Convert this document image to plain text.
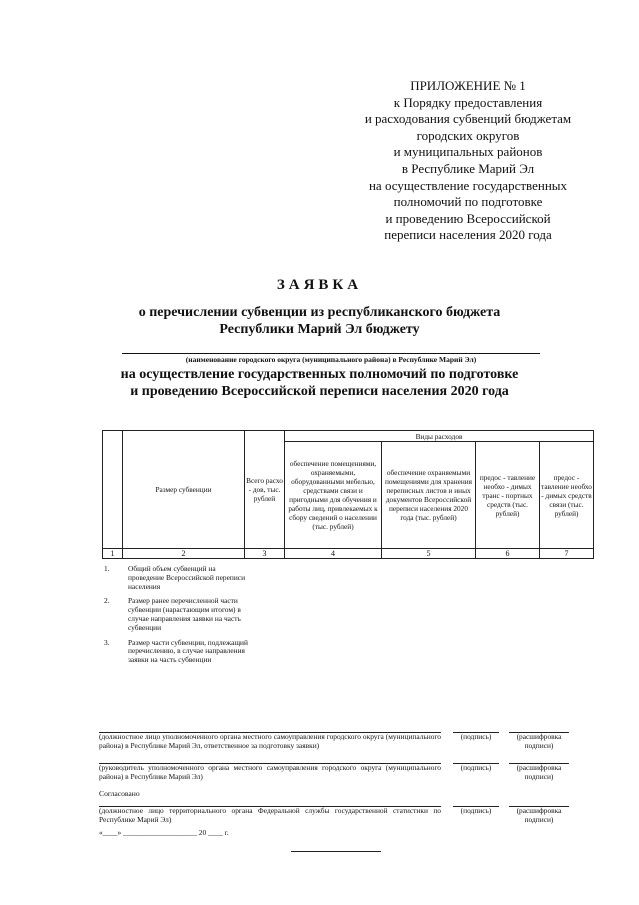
ПРИЛОЖЕНИЕ № 1
к Порядку предоставления
и расходования субвенций бюджетам
городских округов
и муниципальных районов
в Республике Марий Эл
на осуществление государственных
полномочий по подготовке
и проведению Всероссийской
переписи населения 2020 года
ЗАЯВКА
о перечислении субвенции из республиканского бюджета
Республики Марий Эл бюджету
(наименование городского округа (муниципального района) в Республике Марий Эл)
на осуществление государственных полномочий по подготовке
и проведению Всероссийской переписи населения 2020 года
	Размер субвенции	Всего расхо - дов, тыс. рублей	Виды расходов			
			обеспечение помещениями, охраняемыми, оборудованными мебелью, средствами связи и пригодными для обучения и работы лиц, привлекаемых к сбору сведений о населении (тыс. рублей)	обеспечение охраняемыми помещениями для хранения переписных листов и иных документов Всероссийской переписи населения 2020 года (тыс. рублей)	предос - тавление необхо - димых транс - портных средств (тыс. рублей)	предос - тавление необхо - димых средств связи (тыс. рублей)
1	2	3	4	5	6	7
1.	Общий объем субвенций на проведение Всероссийской переписи населения
2.	Размер ранее перечисленной части субвенции (нарастающим итогом) в случае направления заявки на часть субвенции
3.	Размер части субвенции, подлежащий перечислению, в случае направления заявки на часть субвенции
(должностное лицо уполномоченного органа местного самоуправления городского округа (муниципального района) в Республике Марий Эл, ответственное за подготовку заявки)
(подпись)	(расшифровка подписи)
(руководитель уполномоченного органа местного самоуправления городского округа (муниципального района) в Республике Марий Эл)
(подпись)	(расшифровка подписи)
Согласовано
(должностное лицо территориального органа Федеральной службы государственной статистики по Республике Марий Эл)
(подпись)	(расшифровка подписи)
«____» ____________________ 20 ____ г.
